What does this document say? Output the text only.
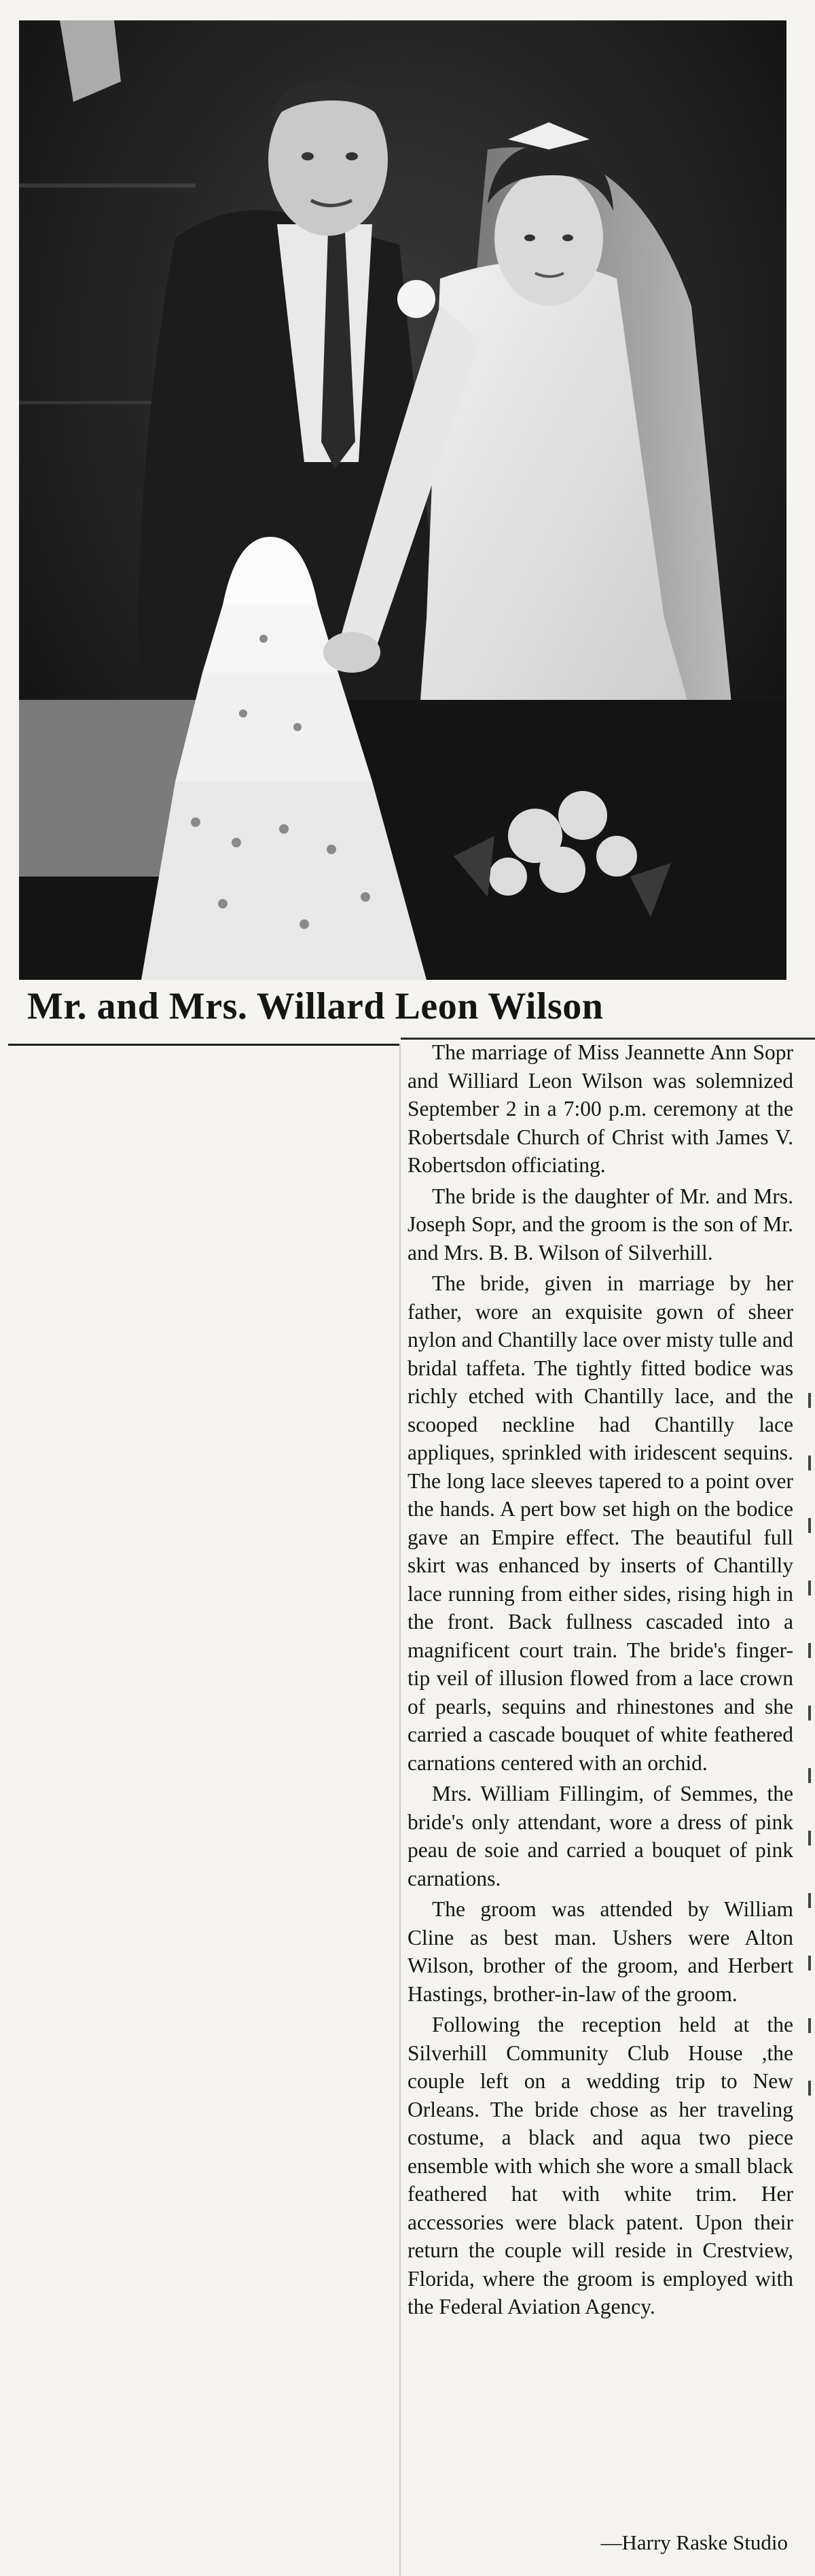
Mr. and Mrs. Willard Leon Wilson

The marriage of Miss Jeannette Ann Sopr and Williard Leon Wilson was solemnized September 2 in a 7:00 p.m. ceremony at the Robertsdale Church of Christ with James V. Robertsdon officiating.

The bride is the daughter of Mr. and Mrs. Joseph Sopr, and the groom is the son of Mr. and Mrs. B. B. Wilson of Silverhill.

The bride, given in marriage by her father, wore an exquisite gown of sheer nylon and Chantilly lace over misty tulle and bridal taffeta. The tightly fitted bodice was richly etched with Chantilly lace, and the scooped neckline had Chantilly lace appliques, sprinkled with iridescent sequins. The long lace sleeves tapered to a point over the hands. A pert bow set high on the bodice gave an Empire effect. The beautiful full skirt was enhanced by inserts of Chantilly lace running from either sides, rising high in the front. Back fullness cascaded into a magnificent court train. The bride's finger-tip veil of illusion flowed from a lace crown of pearls, sequins and rhinestones and she carried a cascade bouquet of white feathered carnations centered with an orchid.

Mrs. William Fillingim, of Semmes, the bride's only attendant, wore a dress of pink peau de soie and carried a bouquet of pink carnations.

The groom was attended by William Cline as best man. Ushers were Alton Wilson, brother of the groom, and Herbert Hastings, brother-in-law of the groom.

Following the reception held at the Silverhill Community Club House ,the couple left on a wedding trip to New Orleans. The bride chose as her traveling costume, a black and aqua two piece ensemble with which she wore a small black feathered hat with white trim. Her accessories were black patent. Upon their return the couple will reside in Crestview, Florida, where the groom is employed with the Federal Aviation Agency.

—Harry Raske Studio
